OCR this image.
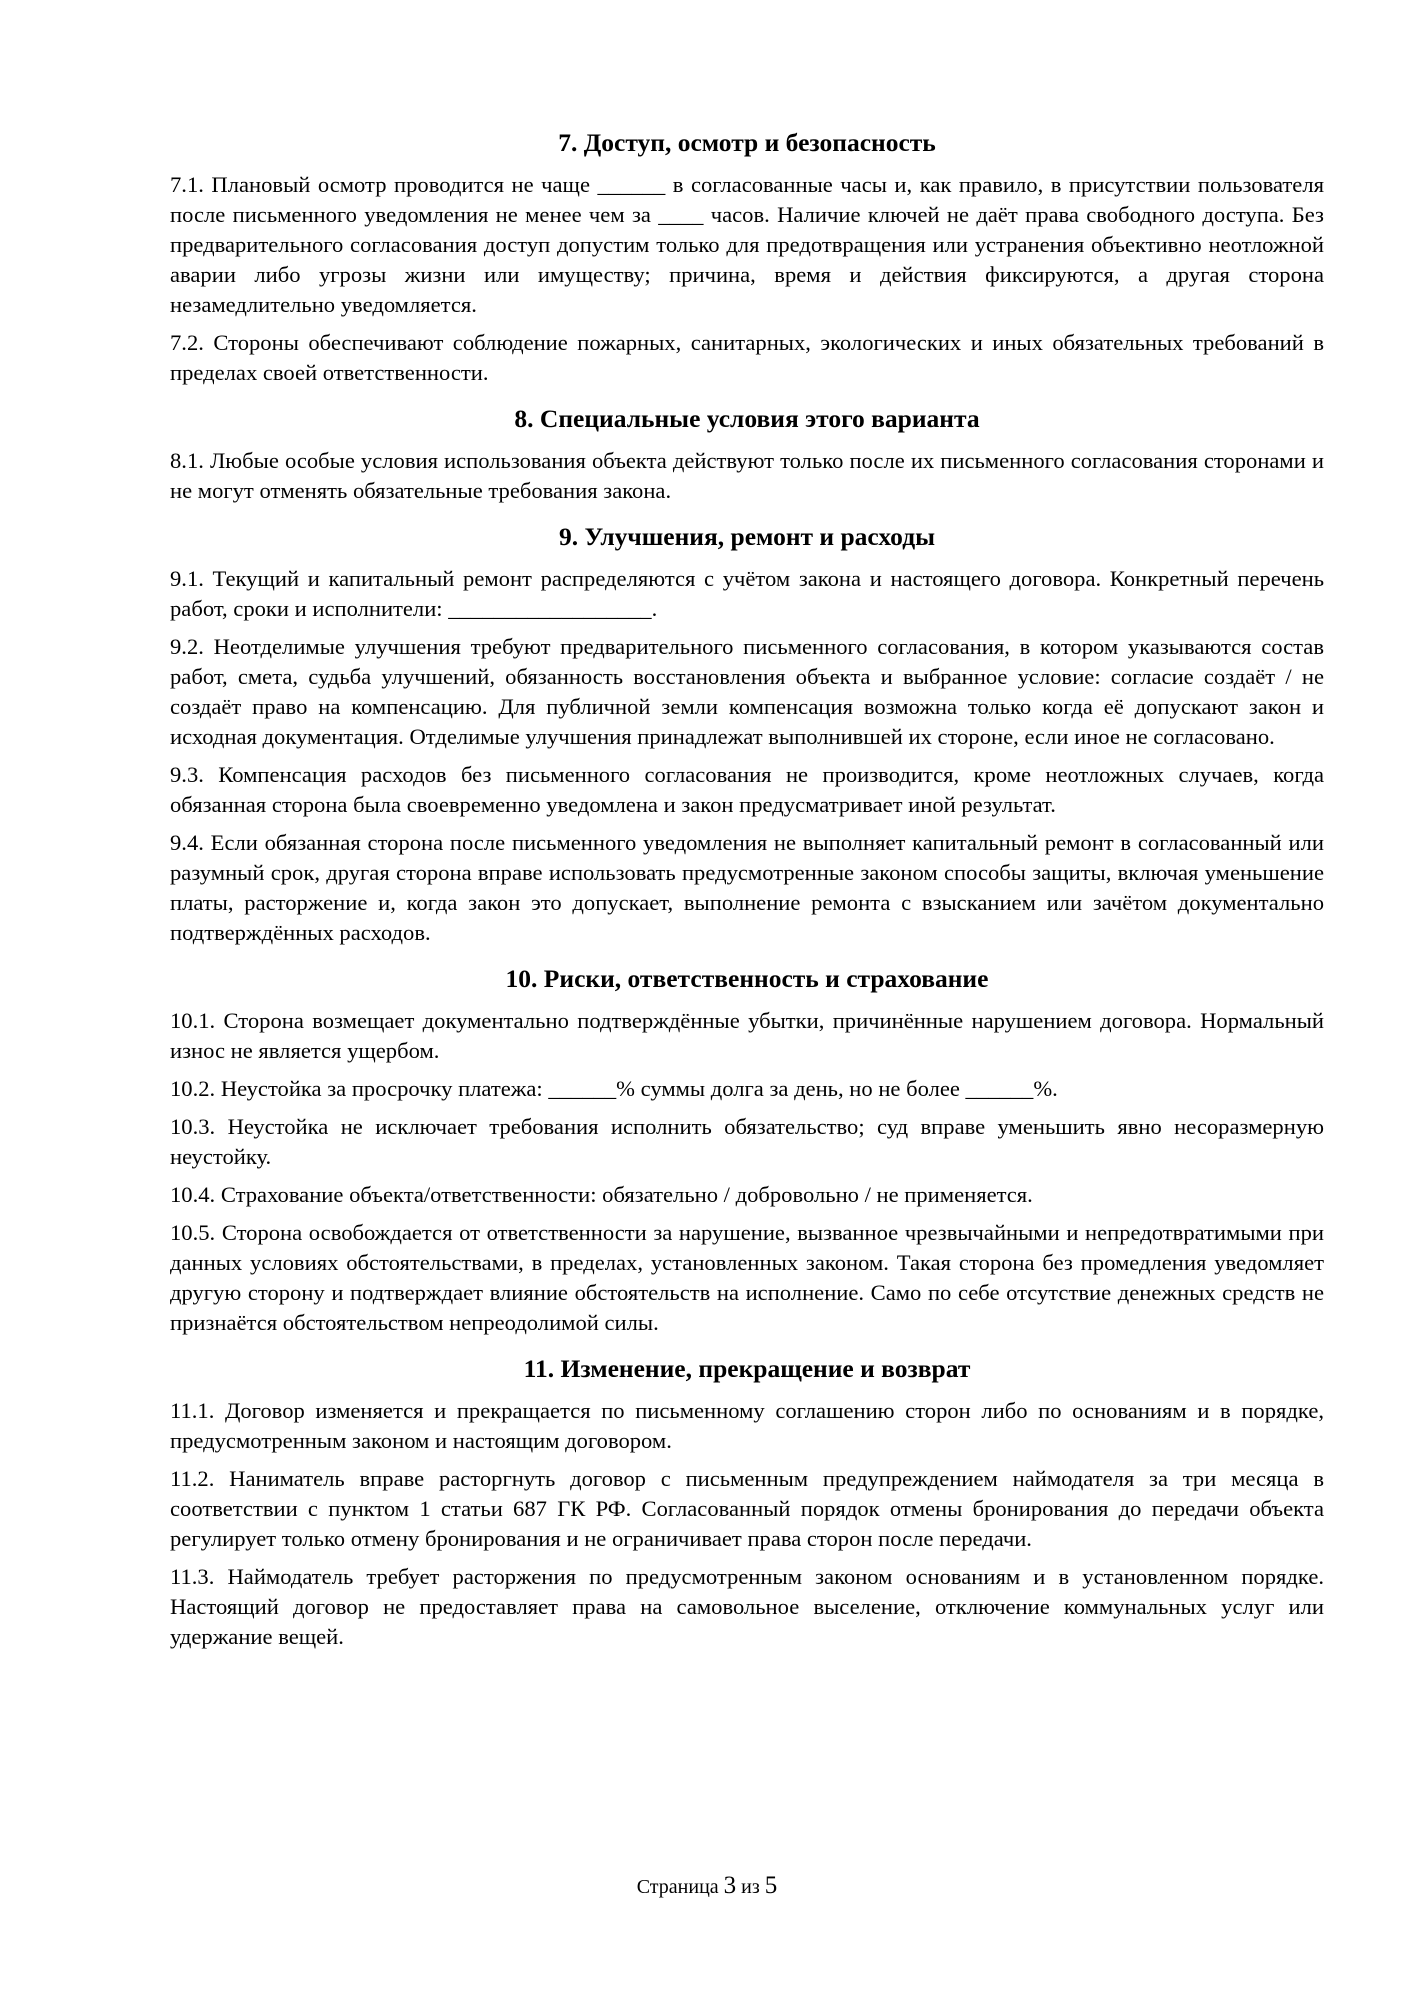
7. Доступ, осмотр и безопасность

7.1. Плановый осмотр проводится не чаще ______ в согласованные часы и, как правило, в присутствии пользователя после письменного уведомления не менее чем за ____ часов. Наличие ключей не даёт права свободного доступа. Без предварительного согласования доступ допустим только для предотвращения или устранения объективно неотложной аварии либо угрозы жизни или имуществу; причина, время и действия фиксируются, а другая сторона незамедлительно уведомляется.

7.2. Стороны обеспечивают соблюдение пожарных, санитарных, экологических и иных обязательных требований в пределах своей ответственности.

8. Специальные условия этого варианта

8.1. Любые особые условия использования объекта действуют только после их письменного согласования сторонами и не могут отменять обязательные требования закона.

9. Улучшения, ремонт и расходы

9.1. Текущий и капитальный ремонт распределяются с учётом закона и настоящего договора. Конкретный перечень работ, сроки и исполнители: __________________.

9.2. Неотделимые улучшения требуют предварительного письменного согласования, в котором указываются состав работ, смета, судьба улучшений, обязанность восстановления объекта и выбранное условие: согласие создаёт / не создаёт право на компенсацию. Для публичной земли компенсация возможна только когда её допускают закон и исходная документация. Отделимые улучшения принадлежат выполнившей их стороне, если иное не согласовано.

9.3. Компенсация расходов без письменного согласования не производится, кроме неотложных случаев, когда обязанная сторона была своевременно уведомлена и закон предусматривает иной результат.

9.4. Если обязанная сторона после письменного уведомления не выполняет капитальный ремонт в согласованный или разумный срок, другая сторона вправе использовать предусмотренные законом способы защиты, включая уменьшение платы, расторжение и, когда закон это допускает, выполнение ремонта с взысканием или зачётом документально подтверждённых расходов.

10. Риски, ответственность и страхование

10.1. Сторона возмещает документально подтверждённые убытки, причинённые нарушением договора. Нормальный износ не является ущербом.

10.2. Неустойка за просрочку платежа: ______% суммы долга за день, но не более ______%.

10.3. Неустойка не исключает требования исполнить обязательство; суд вправе уменьшить явно несоразмерную неустойку.

10.4. Страхование объекта/ответственности: обязательно / добровольно / не применяется.

10.5. Сторона освобождается от ответственности за нарушение, вызванное чрезвычайными и непредотвратимыми при данных условиях обстоятельствами, в пределах, установленных законом. Такая сторона без промедления уведомляет другую сторону и подтверждает влияние обстоятельств на исполнение. Само по себе отсутствие денежных средств не признаётся обстоятельством непреодолимой силы.

11. Изменение, прекращение и возврат

11.1. Договор изменяется и прекращается по письменному соглашению сторон либо по основаниям и в порядке, предусмотренным законом и настоящим договором.

11.2. Наниматель вправе расторгнуть договор с письменным предупреждением наймодателя за три месяца в соответствии с пунктом 1 статьи 687 ГК РФ. Согласованный порядок отмены бронирования до передачи объекта регулирует только отмену бронирования и не ограничивает права сторон после передачи.

11.3. Наймодатель требует расторжения по предусмотренным законом основаниям и в установленном порядке. Настоящий договор не предоставляет права на самовольное выселение, отключение коммунальных услуг или удержание вещей.

Страница 3 из 5
